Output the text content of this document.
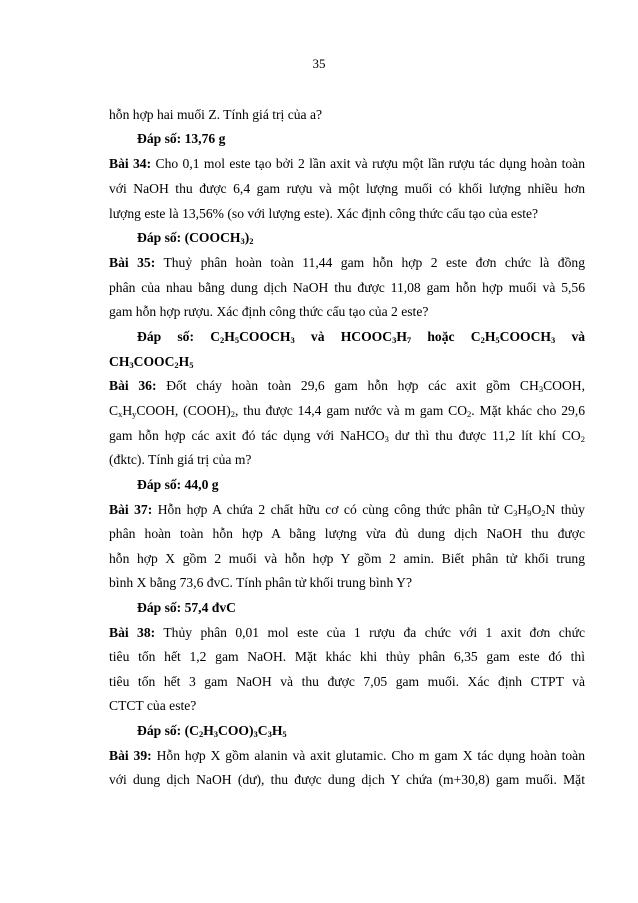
35
hỗn hợp hai muối Z. Tính giá trị của a?
Đáp số: 13,76 g
Bài 34: Cho 0,1 mol este tạo bởi 2 lần axit và rượu một lần rượu tác dụng hoàn toàn
với NaOH thu được 6,4 gam rượu và một lượng muối có khối lượng nhiều hơn
lượng este là 13,56% (so với lượng este). Xác định công thức cấu tạo của este?
Đáp số: $(COOCH_3)_2$
Bài 35: Thuỷ phân hoàn toàn 11,44 gam hỗn hợp 2 este đơn chức là đồng
phân của nhau bằng dung dịch NaOH thu được 11,08 gam hỗn hợp muối và 5,56
gam hỗn hợp rượu. Xác định công thức cấu tạo của 2 este?
Đáp số: $C_2H_5COOCH_3$ và $HCOOC_3H_7$ hoặc $C_2H_5COOCH_3$ và
$CH_3COOC_2H_5$
Bài 36: Đốt cháy hoàn toàn 29,6 gam hỗn hợp các axit gồm $CH_3COOH$,
$C_xH_yCOOH$, $(COOH)_2$, thu được 14,4 gam nước và m gam $CO_2$. Mặt khác cho 29,6
gam hỗn hợp các axit đó tác dụng với NaHCO$_3$ dư thì thu được 11,2 lít khí $CO_2$
(đktc). Tính giá trị của m?
Đáp số: 44,0 g
Bài 37: Hỗn hợp A chứa 2 chất hữu cơ có cùng công thức phân tử $C_3H_9O_2N$ thủy
phân hoàn toàn hỗn hợp A bằng lượng vừa đủ dung dịch NaOH thu được
hỗn hợp X gồm 2 muối và hỗn hợp Y gồm 2 amin. Biết phân tử khối trung
bình X bằng 73,6 đvC. Tính phân tử khối trung bình Y?
Đáp số: 57,4 đvC
Bài 38: Thủy phân 0,01 mol este của 1 rượu đa chức với 1 axit đơn chức
tiêu tốn hết 1,2 gam NaOH. Mặt khác khi thủy phân 6,35 gam este đó thì
tiêu tốn hết 3 gam NaOH và thu được 7,05 gam muối. Xác định CTPT và
CTCT của este?
Đáp số: $(C_2H_3COO)_3C_3H_5$
Bài 39: Hỗn hợp X gồm alanin và axit glutamic. Cho m gam X tác dụng hoàn toàn
với dung dịch NaOH (dư), thu được dung dịch Y chứa (m+30,8) gam muối. Mặt
